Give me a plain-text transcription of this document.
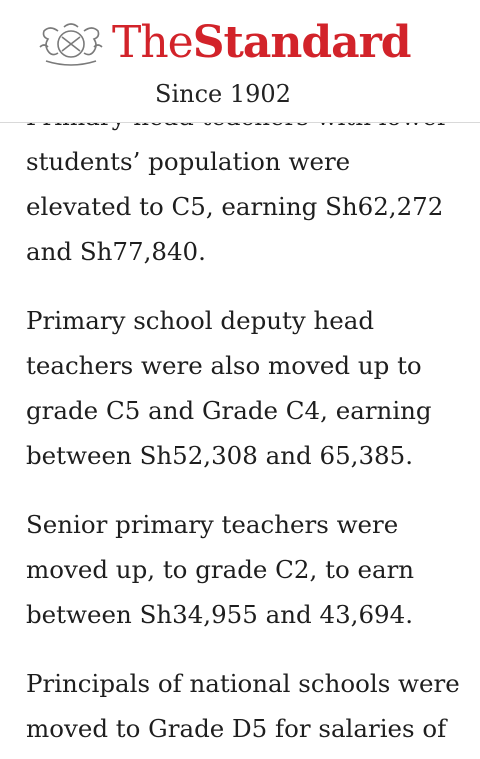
TheStandard
Since 1902

students’ population were elevated to C5, earning Sh62,272 and Sh77,840.

Primary school deputy head teachers were also moved up to grade C5 and Grade C4, earning between Sh52,308 and 65,385.

Senior primary teachers were moved up, to grade C2, to earn between Sh34,955 and 43,694.

Principals of national schools were moved to Grade D5 for salaries of
